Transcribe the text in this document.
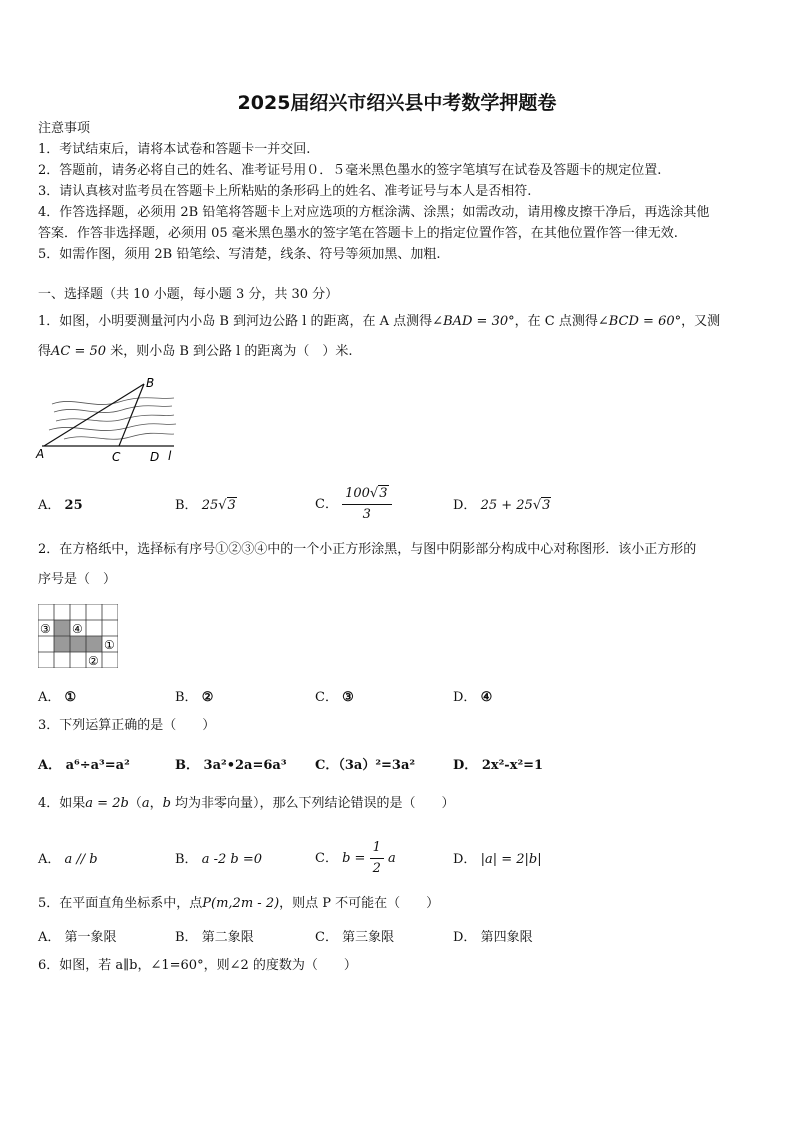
2025届绍兴市绍兴县中考数学押题卷
注意事项
1．考试结束后，请将本试卷和答题卡一并交回.
2．答题前，请务必将自己的姓名、准考证号用０．５毫米黑色墨水的签字笔填写在试卷及答题卡的规定位置.
3．请认真核对监考员在答题卡上所粘贴的条形码上的姓名、准考证号与本人是否相符.
4．作答选择题，必须用 2B 铅笔将答题卡上对应选项的方框涂满、涂黑；如需改动，请用橡皮擦干净后，再选涂其他
答案．作答非选择题，必须用 05 毫米黑色墨水的签字笔在答题卡上的指定位置作答，在其他位置作答一律无效.
5．如需作图，须用 2B 铅笔绘、写清楚，线条、符号等须加黑、加粗.
一、选择题（共 10 小题，每小题 3 分，共 30 分）
1．如图，小明要测量河内小岛 B 到河边公路 l 的距离，在 A 点测得∠BAD = 30°，在 C 点测得∠BCD = 60°，又测
得AC = 50 米，则小岛 B 到公路 l 的距离为（　）米.
A
B
C D l
A． 25	B． 25√3	C． $\frac{100√3}{3}$	D． 25 + 25√3
2．在方格纸中，选择标有序号①②③④中的一个小正方形涂黑，与图中阴影部分构成中心对称图形．该小正方形的
序号是（　）
③ ④
①
②
A． ①	B． ②	C． ③	D． ④
3．下列运算正确的是（　　）
A． a⁶÷a³=a²	B． 3a²•2a=6a³ C．（3a）²=3a²	D． 2x²-x²=1
4．如果a = 2b（a，b 均为非零向量），那么下列结论错误的是（　　）
A． a // b	B． a -2 b =0	C． $b = \frac{1}{2}$ a	D． |a| = 2|b|
5．在平面直角坐标系中，点P(m,2m - 2)，则点 P 不可能在（　　）
A． 第一象限	B． 第二象限	C． 第三象限	D． 第四象限
6．如图，若 a∥b，∠1=60°，则∠2 的度数为（　　）
